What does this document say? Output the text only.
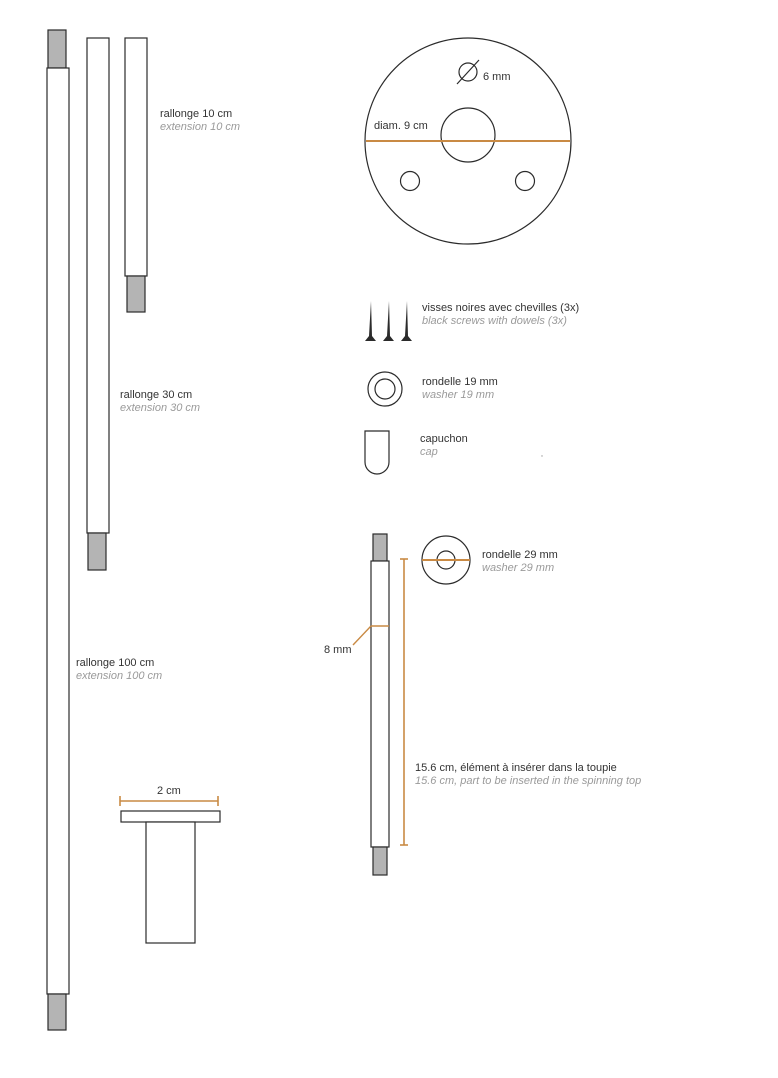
rallonge 100 cm
extension 100 cm
rallonge 30 cm
extension 30 cm
rallonge 10 cm
extension 10 cm
6 mm
diam. 9 cm
visses noires avec chevilles (3x)
black screws with dowels (3x)
rondelle 19 mm
washer 19 mm
capuchon
cap
8 mm
15.6 cm, élément à insérer dans la toupie
15.6 cm, part to be inserted in the spinning top
rondelle 29 mm
washer 29 mm
2 cm
